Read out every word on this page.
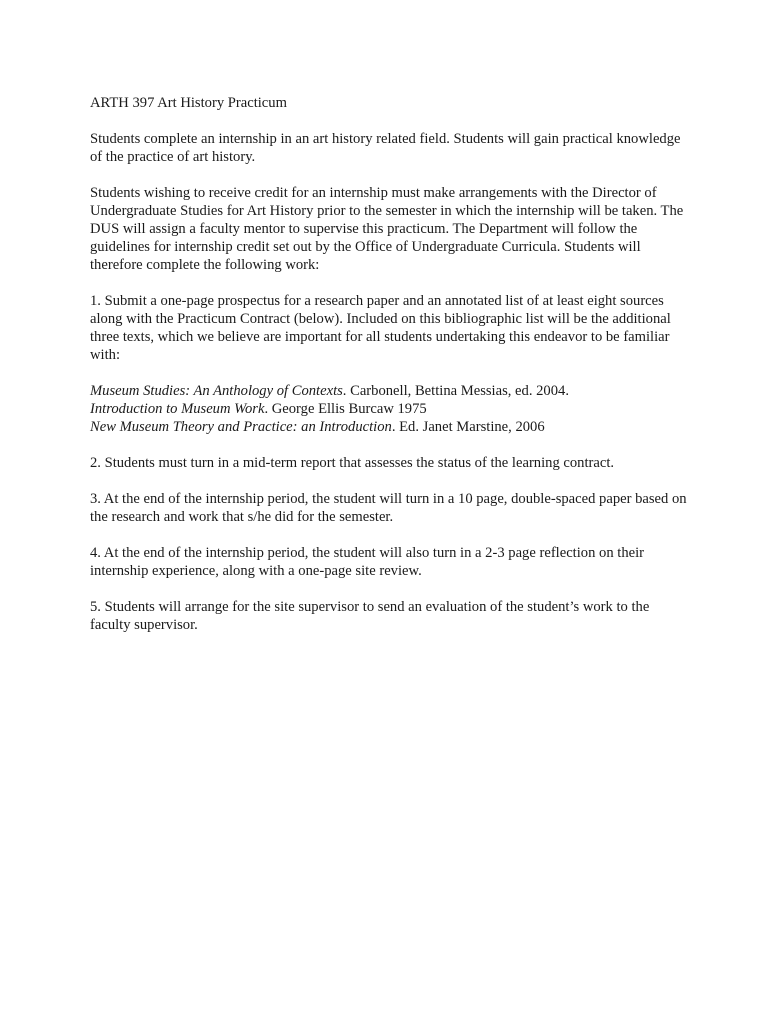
ARTH 397 Art History Practicum

Students complete an internship in an art history related field. Students will gain practical knowledge of the practice of art history.

Students wishing to receive credit for an internship must make arrangements with the Director of Undergraduate Studies for Art History prior to the semester in which the internship will be taken. The DUS will assign a faculty mentor to supervise this practicum. The Department will follow the guidelines for internship credit set out by the Office of Undergraduate Curricula. Students will therefore complete the following work:

1. Submit a one-page prospectus for a research paper and an annotated list of at least eight sources along with the Practicum Contract (below). Included on this bibliographic list will be the additional three texts, which we believe are important for all students undertaking this endeavor to be familiar with:

Museum Studies: An Anthology of Contexts. Carbonell, Bettina Messias, ed. 2004.
Introduction to Museum Work. George Ellis Burcaw 1975
New Museum Theory and Practice: an Introduction. Ed. Janet Marstine, 2006

2. Students must turn in a mid-term report that assesses the status of the learning contract.

3. At the end of the internship period, the student will turn in a 10 page, double-spaced paper based on the research and work that s/he did for the semester.

4. At the end of the internship period, the student will also turn in a 2-3 page reflection on their internship experience, along with a one-page site review.

5. Students will arrange for the site supervisor to send an evaluation of the student’s work to the faculty supervisor.
